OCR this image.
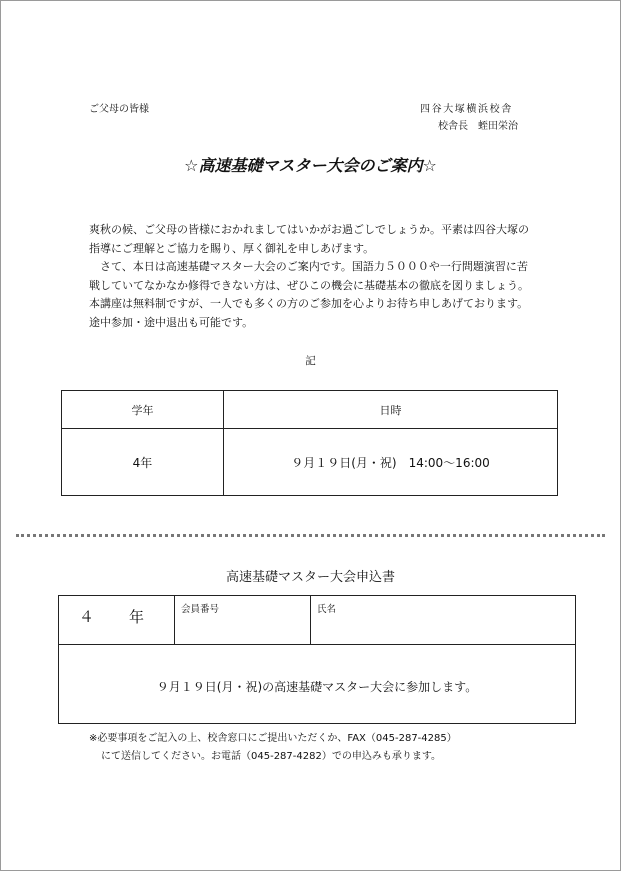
ご父母の皆様	四谷大塚横浜校舎
校舎長　蛭田栄治
☆高速基礎マスター大会のご案内☆

爽秋の候、ご父母の皆様におかれましてはいかがお過ごしでしょうか。平素は四谷大塚の指導にご理解とご協力を賜り、厚く御礼を申しあげます。

　さて、本日は高速基礎マスター大会のご案内です。国語力５０００や一行問題演習に苦戦していてなかなか修得できない方は、ぜひこの機会に基礎基本の徹底を図りましょう。本講座は無料制ですが、一人でも多くの方のご参加を心よりお待ち申しあげております。途中参加・途中退出も可能です。

記
学年	日時
4年	９月１９日(月・祝)　14:00〜16:00
高速基礎マスター大会申込書
４　年	会員番号	氏名
９月１９日(月・祝)の高速基礎マスター大会に参加します。
※必要事項をご記入の上、校舎窓口にご提出いただくか、FAX（045-287-4285）
にて送信してください。お電話（045-287-4282）での申込みも承ります。
